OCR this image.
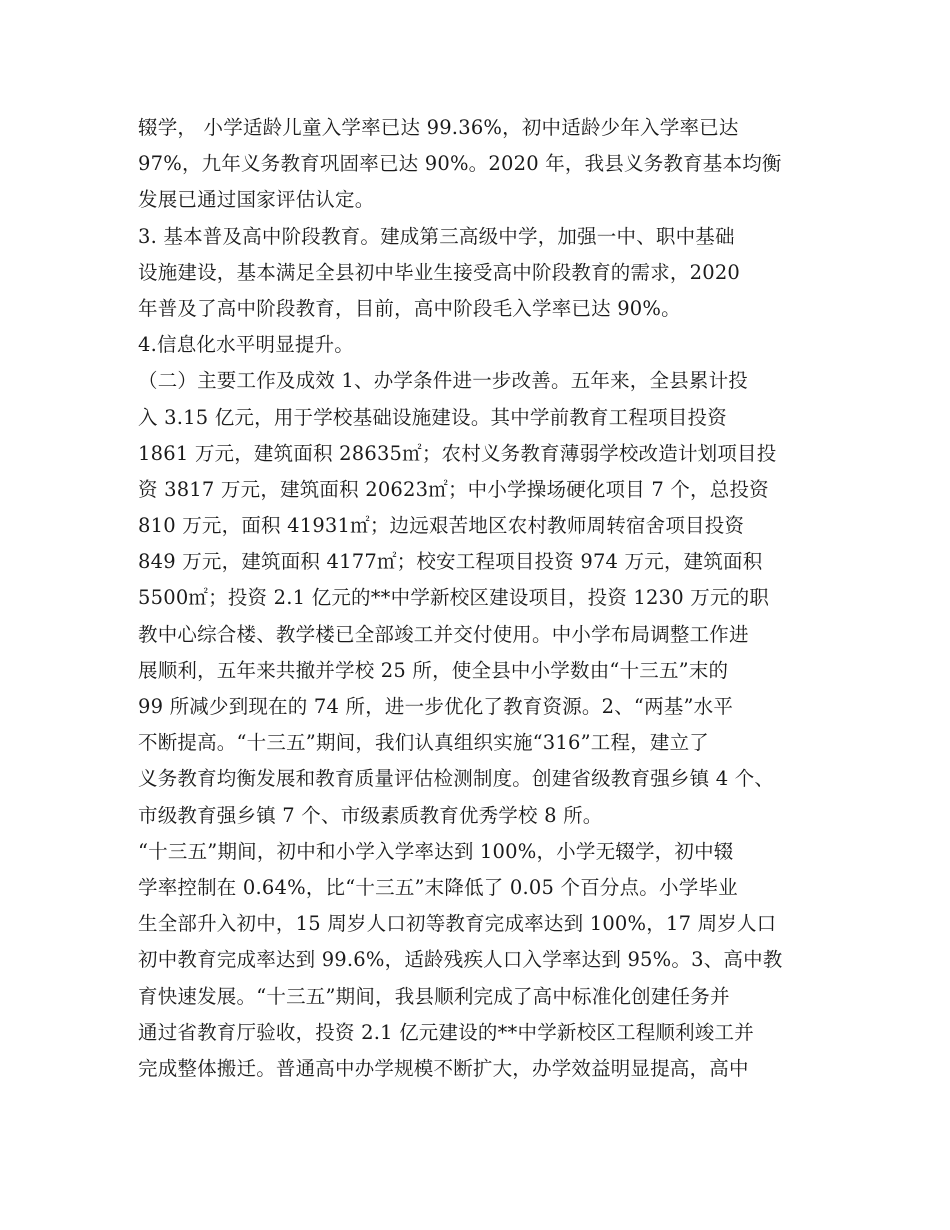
辍学， 小学适龄儿童入学率已达 99.36%，初中适龄少年入学率已达
97%，九年义务教育巩固率已达 90%。2020 年，我县义务教育基本均衡
发展已通过国家评估认定。
3. 基本普及高中阶段教育。建成第三高级中学，加强一中、职中基础
设施建设，基本满足全县初中毕业生接受高中阶段教育的需求，2020
年普及了高中阶段教育，目前，高中阶段毛入学率已达 90%。
4.信息化水平明显提升。
（二）主要工作及成效 1、办学条件进一步改善。五年来，全县累计投
入 3.15 亿元，用于学校基础设施建设。其中学前教育工程项目投资
1861 万元，建筑面积 28635㎡；农村义务教育薄弱学校改造计划项目投
资 3817 万元，建筑面积 20623㎡；中小学操场硬化项目 7 个，总投资
810 万元，面积 41931㎡；边远艰苦地区农村教师周转宿舍项目投资
849 万元，建筑面积 4177㎡；校安工程项目投资 974 万元，建筑面积
5500㎡；投资 2.1 亿元的**中学新校区建设项目，投资 1230 万元的职
教中心综合楼、教学楼已全部竣工并交付使用。中小学布局调整工作进
展顺利，五年来共撤并学校 25 所，使全县中小学数由“十三五”末的
99 所减少到现在的 74 所，进一步优化了教育资源。2、“两基”水平
不断提高。“十三五”期间，我们认真组织实施“316”工程，建立了
义务教育均衡发展和教育质量评估检测制度。创建省级教育强乡镇 4 个、
市级教育强乡镇 7 个、市级素质教育优秀学校 8 所。
“十三五”期间，初中和小学入学率达到 100%，小学无辍学，初中辍
学率控制在 0.64%，比“十三五”末降低了 0.05 个百分点。小学毕业
生全部升入初中，15 周岁人口初等教育完成率达到 100%，17 周岁人口
初中教育完成率达到 99.6%，适龄残疾人口入学率达到 95%。3、高中教
育快速发展。“十三五”期间，我县顺利完成了高中标准化创建任务并
通过省教育厅验收，投资 2.1 亿元建设的**中学新校区工程顺利竣工并
完成整体搬迁。普通高中办学规模不断扩大，办学效益明显提高，高中
